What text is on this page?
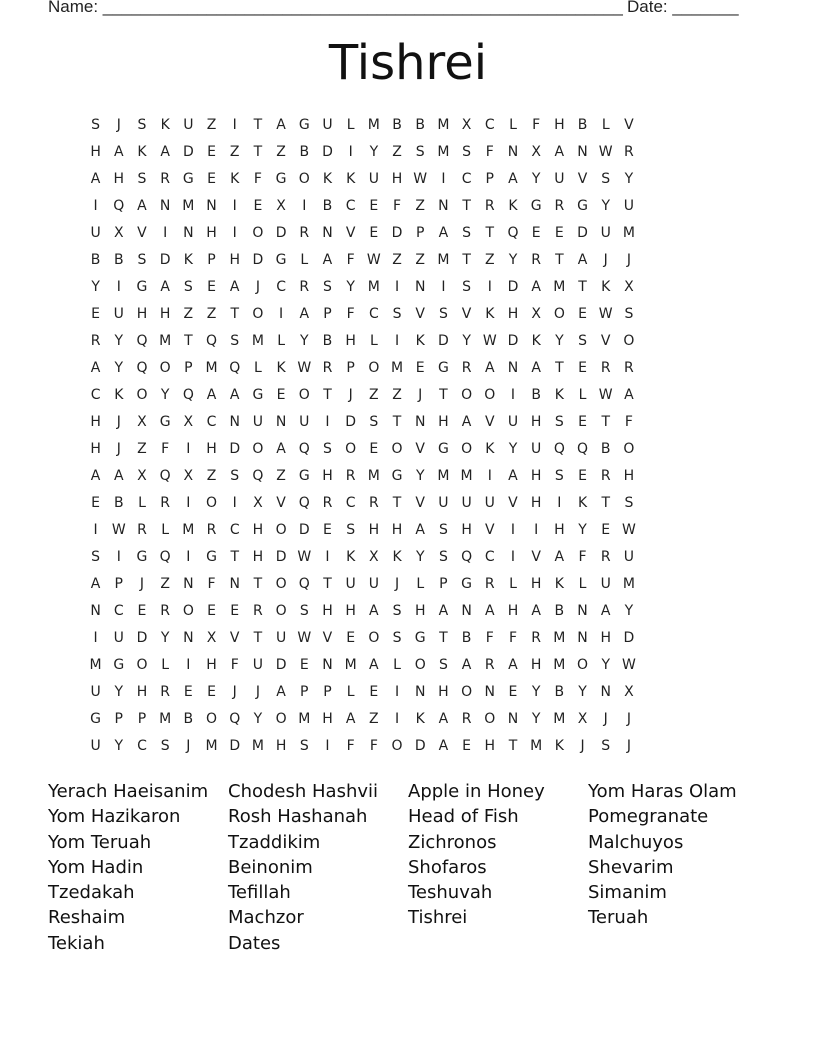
Name: _______________________________________________________ Date: _______
Tishrei
S	J	S	K U Z	I	T	A G U	L M B B M X C	L	F H B	L	V
H A K A D E Z	T	Z B D	I	Y	Z S M S	F N X A N W R
A H S R G E	K	F G O K	K U H W	I	C	P	A	Y U V S	Y
I	Q A N M N	I	E X	I	B C E	F	Z N T	R K G R G Y U
U X V	I	N H	I	O D R N V E D P	A S	T Q E	E D U M
B B S D K	P H D G L	A	F W Z Z M T	Z	Y	R	T	A	J	J
Y	I	G A S	E A	J	C R S	Y M	I	N	I	S	I	D A M T	K X
E U H H Z Z	T O	I	A	P	F	C S V S V K H X O E W S
R	Y Q M T Q S M L	Y	B H	L	I	K D Y W D K	Y	S V O
A	Y Q O P M Q L	K W R	P O M E G R A N A	T	E R R
C K O Y Q A A G E O T	J	Z Z	J	T O O	I	B K	L W A
H	J	X G X C N U N U	I	D S	T N H A V U H S	E	T	F
H	J	Z	F	I	H D O A Q S O E O V G O K	Y U Q Q B O
A A X Q X Z S Q Z G H R M G Y M M	I	A H S	E R H
E B	L	R	I	O	I	X V Q R C R	T	V U U U V H	I	K	T	S
I	W R	L M R C H O D E	S H H A S H V	I	I	H Y	E W
S	I	G Q	I	G T H D W	I	K X K	Y	S Q C	I	V A	F	R U
A	P	J	Z N F N T O Q T U U	J	L	P G R	L	H K	L	U M
N C E R O E	E R O S H H A S H A N A H A B N A	Y
I	U D Y N X V	T U W V E O S G T	B	F	F	R M N H D
M G O L	I	H F	U D E N M A	L O S A R A H M O Y W
U Y H R E	E	J	J	A	P	P	L	E	I	N H O N E	Y	B	Y N X
G P	P M B O Q Y O M H A Z	I	K A R O N Y M X	J	J
U Y	C S	J	M D M H S	I	F	F O D A E H T M K	J	S	J
Yerach Haeisanim
Yom Hazikaron
Yom Teruah
Yom Hadin
Tzedakah
Reshaim
Tekiah
Chodesh Hashvii
Rosh Hashanah
Tzaddikim
Beinonim
Tefillah
Machzor
Dates
Apple in Honey
Head of Fish
Zichronos
Shofaros
Teshuvah
Tishrei
Yom Haras Olam
Pomegranate
Malchuyos
Shevarim
Simanim
Teruah
